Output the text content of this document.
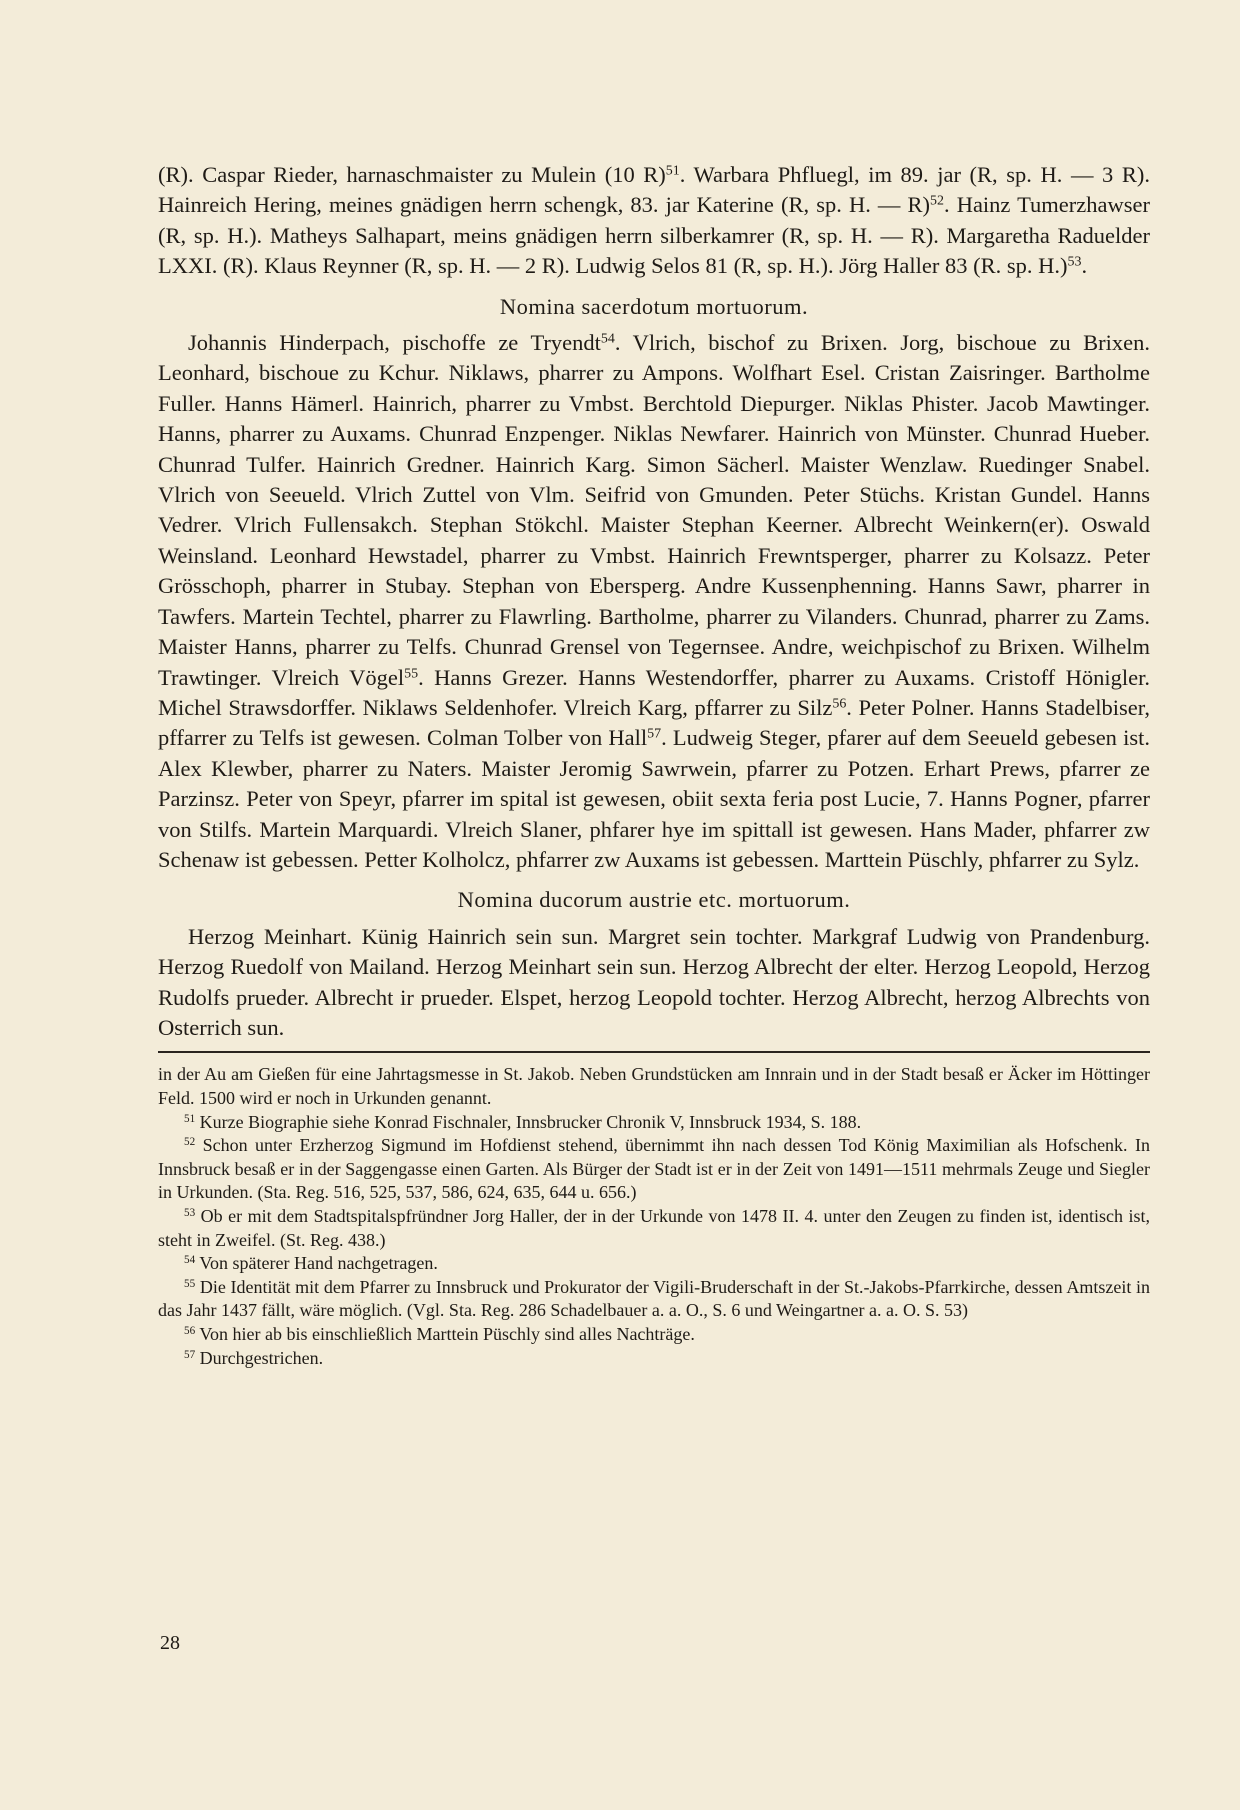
(R). Caspar Rieder, harnaschmaister zu Mulein (10 R)$^{51}$. Warbara Phfluegl, im 89. jar (R, sp. H. — 3 R). Hainreich Hering, meines gnädigen herrn schengk, 83. jar Katerine (R, sp. H. — R)$^{52}$. Hainz Tumerzhawser (R, sp. H.). Matheys Salhapart, meins gnädigen herrn silberkamrer (R, sp. H. — R). Margaretha Raduelder LXXI. (R). Klaus Reynner (R, sp. H. — 2 R). Ludwig Selos 81 (R, sp. H.). Jörg Haller 83 (R. sp. H.)$^{53}$.

Nomina sacerdotum mortuorum.

Johannis Hinderpach, pischoffe ze Tryendt$^{54}$. Vlrich, bischof zu Brixen. Jorg, bischoue zu Brixen. Leonhard, bischoue zu Kchur. Niklaws, pharrer zu Ampons. Wolfhart Esel. Cristan Zaisringer. Bartholme Fuller. Hanns Hämerl. Hainrich, pharrer zu Vmbst. Berchtold Diepurger. Niklas Phister. Jacob Mawtinger. Hanns, pharrer zu Auxams. Chunrad Enzpenger. Niklas Newfarer. Hainrich von Münster. Chunrad Hueber. Chunrad Tulfer. Hainrich Gredner. Hainrich Karg. Simon Sächerl. Maister Wenzlaw. Ruedinger Snabel. Vlrich von Seeueld. Vlrich Zuttel von Vlm. Seifrid von Gmunden. Peter Stüchs. Kristan Gundel. Hanns Vedrer. Vlrich Fullensakch. Stephan Stökchl. Maister Stephan Keerner. Albrecht Weinkern(er). Oswald Weinsland. Leonhard Hewstadel, pharrer zu Vmbst. Hainrich Frewntsperger, pharrer zu Kolsazz. Peter Grösschoph, pharrer in Stubay. Stephan von Ebersperg. Andre Kussenphenning. Hanns Sawr, pharrer in Tawfers. Martein Techtel, pharrer zu Flawrling. Bartholme, pharrer zu Vilanders. Chunrad, pharrer zu Zams. Maister Hanns, pharrer zu Telfs. Chunrad Grensel von Tegernsee. Andre, weichpischof zu Brixen. Wilhelm Trawtinger. Vlreich Vögel$^{55}$. Hanns Grezer. Hanns Westendorffer, pharrer zu Auxams. Cristoff Hönigler. Michel Strawsdorffer. Niklaws Seldenhofer. Vlreich Karg, pffarrer zu Silz$^{56}$. Peter Polner. Hanns Stadelbiser, pffarrer zu Telfs ist gewesen. Colman Tolber von Hall$^{57}$. Ludweig Steger, pfarer auf dem Seeueld gebesen ist. Alex Klewber, pharrer zu Naters. Maister Jeromig Sawrwein, pfarrer zu Potzen. Erhart Prews, pfarrer ze Parzinsz. Peter von Speyr, pfarrer im spital ist gewesen, obiit sexta feria post Lucie, 7. Hanns Pogner, pfarrer von Stilfs. Martein Marquardi. Vlreich Slaner, phfarer hye im spittall ist gewesen. Hans Mader, phfarrer zw Schenaw ist gebessen. Petter Kolholcz, phfarrer zw Auxams ist gebessen. Marttein Püschly, phfarrer zu Sylz.

Nomina ducorum austrie etc. mortuorum.

Herzog Meinhart. Künig Hainrich sein sun. Margret sein tochter. Markgraf Ludwig von Prandenburg. Herzog Ruedolf von Mailand. Herzog Meinhart sein sun. Herzog Albrecht der elter. Herzog Leopold, Herzog Rudolfs prueder. Albrecht ir prueder. Elspet, herzog Leopold tochter. Herzog Albrecht, herzog Albrechts von Osterrich sun.

in der Au am Gießen für eine Jahrtagsmesse in St. Jakob. Neben Grundstücken am Innrain und in der Stadt besaß er Äcker im Höttinger Feld. 1500 wird er noch in Urkunden genannt.

$^{51}$ Kurze Biographie siehe Konrad Fischnaler, Innsbrucker Chronik V, Innsbruck 1934, S. 188.

$^{52}$ Schon unter Erzherzog Sigmund im Hofdienst stehend, übernimmt ihn nach dessen Tod König Maximilian als Hofschenk. In Innsbruck besaß er in der Saggengasse einen Garten. Als Bürger der Stadt ist er in der Zeit von 1491—1511 mehrmals Zeuge und Siegler in Urkunden. (Sta. Reg. 516, 525, 537, 586, 624, 635, 644 u. 656.)

$^{53}$ Ob er mit dem Stadtspitalspfründner Jorg Haller, der in der Urkunde von 1478 II. 4. unter den Zeugen zu finden ist, identisch ist, steht in Zweifel. (St. Reg. 438.)

$^{54}$ Von späterer Hand nachgetragen.

$^{55}$ Die Identität mit dem Pfarrer zu Innsbruck und Prokurator der Vigili-Bruderschaft in der St.-Jakobs-Pfarrkirche, dessen Amtszeit in das Jahr 1437 fällt, wäre möglich. (Vgl. Sta. Reg. 286 Schadelbauer a. a. O., S. 6 und Weingartner a. a. O. S. 53)

$^{56}$ Von hier ab bis einschließlich Marttein Püschly sind alles Nachträge.

$^{57}$ Durchgestrichen.

28
